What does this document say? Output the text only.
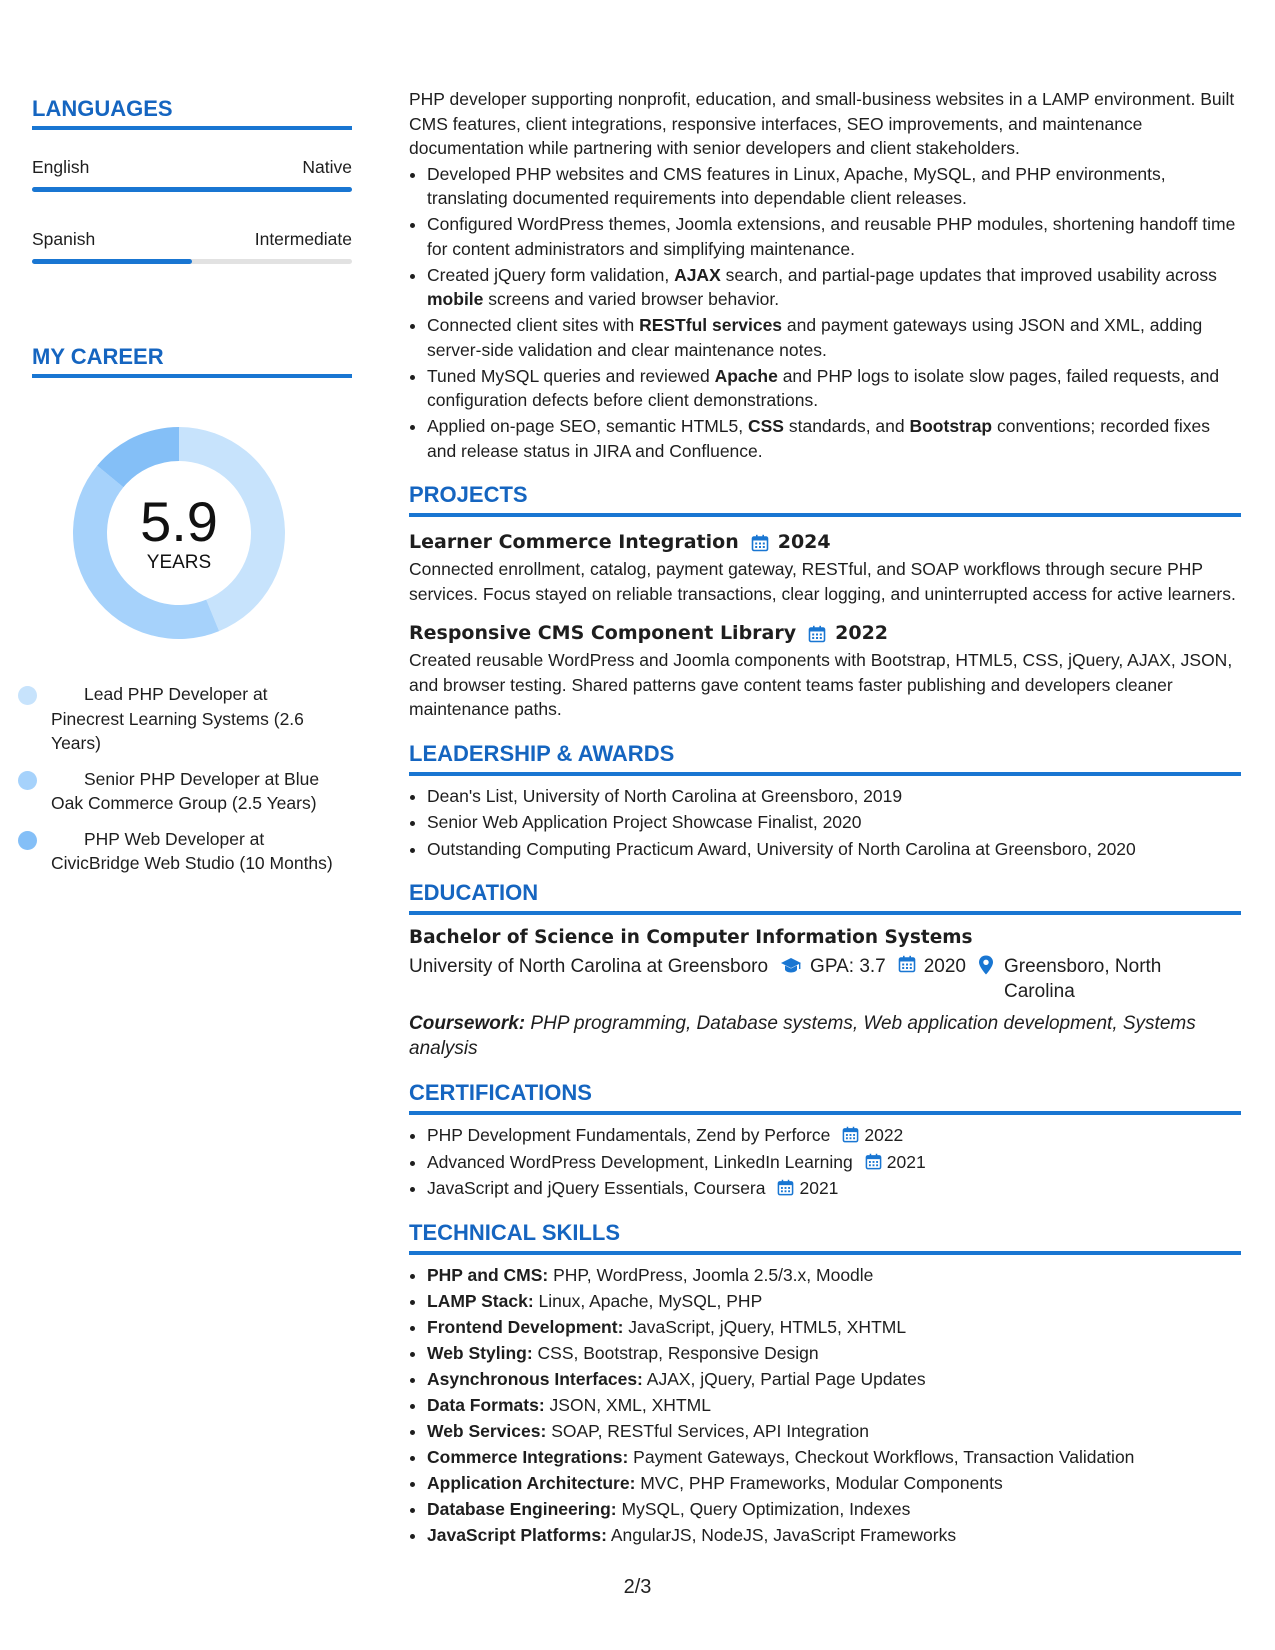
LANGUAGES
English	Native
Spanish	Intermediate
MY CAREER
5.9
YEARS
Lead PHP Developer at Pinecrest Learning Systems (2.6 Years)
Senior PHP Developer at Blue Oak Commerce Group (2.5 Years)
PHP Web Developer at CivicBridge Web Studio (10 Months)

PHP developer supporting nonprofit, education, and small-business websites in a LAMP environment. Built CMS features, client integrations, responsive interfaces, SEO improvements, and maintenance documentation while partnering with senior developers and client stakeholders.

• Developed PHP websites and CMS features in Linux, Apache, MySQL, and PHP environments, translating documented requirements into dependable client releases.
• Configured WordPress themes, Joomla extensions, and reusable PHP modules, shortening handoff time for content administrators and simplifying maintenance.
• Created jQuery form validation, AJAX search, and partial-page updates that improved usability across mobile screens and varied browser behavior.
• Connected client sites with RESTful services and payment gateways using JSON and XML, adding server-side validation and clear maintenance notes.
• Tuned MySQL queries and reviewed Apache and PHP logs to isolate slow pages, failed requests, and configuration defects before client demonstrations.
• Applied on-page SEO, semantic HTML5, CSS standards, and Bootstrap conventions; recorded fixes and release status in JIRA and Confluence.
PROJECTS
Learner Commerce Integration 2024

Connected enrollment, catalog, payment gateway, RESTful, and SOAP workflows through secure PHP services. Focus stayed on reliable transactions, clear logging, and uninterrupted access for active learners.

Responsive CMS Component Library 2022

Created reusable WordPress and Joomla components with Bootstrap, HTML5, CSS, jQuery, AJAX, JSON, and browser testing. Shared patterns gave content teams faster publishing and developers cleaner maintenance paths.

LEADERSHIP & AWARDS
• Dean's List, University of North Carolina at Greensboro, 2019
• Senior Web Application Project Showcase Finalist, 2020
• Outstanding Computing Practicum Award, University of North Carolina at Greensboro, 2020
EDUCATION
Bachelor of Science in Computer Information Systems
University of North Carolina at Greensboro GPA: 3.7 2020 Greensboro, North Carolina
Coursework: PHP programming, Database systems, Web application development, Systems analysis
CERTIFICATIONS
• PHP Development Fundamentals, Zend by Perforce 2022
• Advanced WordPress Development, LinkedIn Learning 2021
• JavaScript and jQuery Essentials, Coursera 2021
TECHNICAL SKILLS
• PHP and CMS: PHP, WordPress, Joomla 2.5/3.x, Moodle
• LAMP Stack: Linux, Apache, MySQL, PHP
• Frontend Development: JavaScript, jQuery, HTML5, XHTML
• Web Styling: CSS, Bootstrap, Responsive Design
• Asynchronous Interfaces: AJAX, jQuery, Partial Page Updates
• Data Formats: JSON, XML, XHTML
• Web Services: SOAP, RESTful Services, API Integration
• Commerce Integrations: Payment Gateways, Checkout Workflows, Transaction Validation
• Application Architecture: MVC, PHP Frameworks, Modular Components
• Database Engineering: MySQL, Query Optimization, Indexes
• JavaScript Platforms: AngularJS, NodeJS, JavaScript Frameworks
2/3
